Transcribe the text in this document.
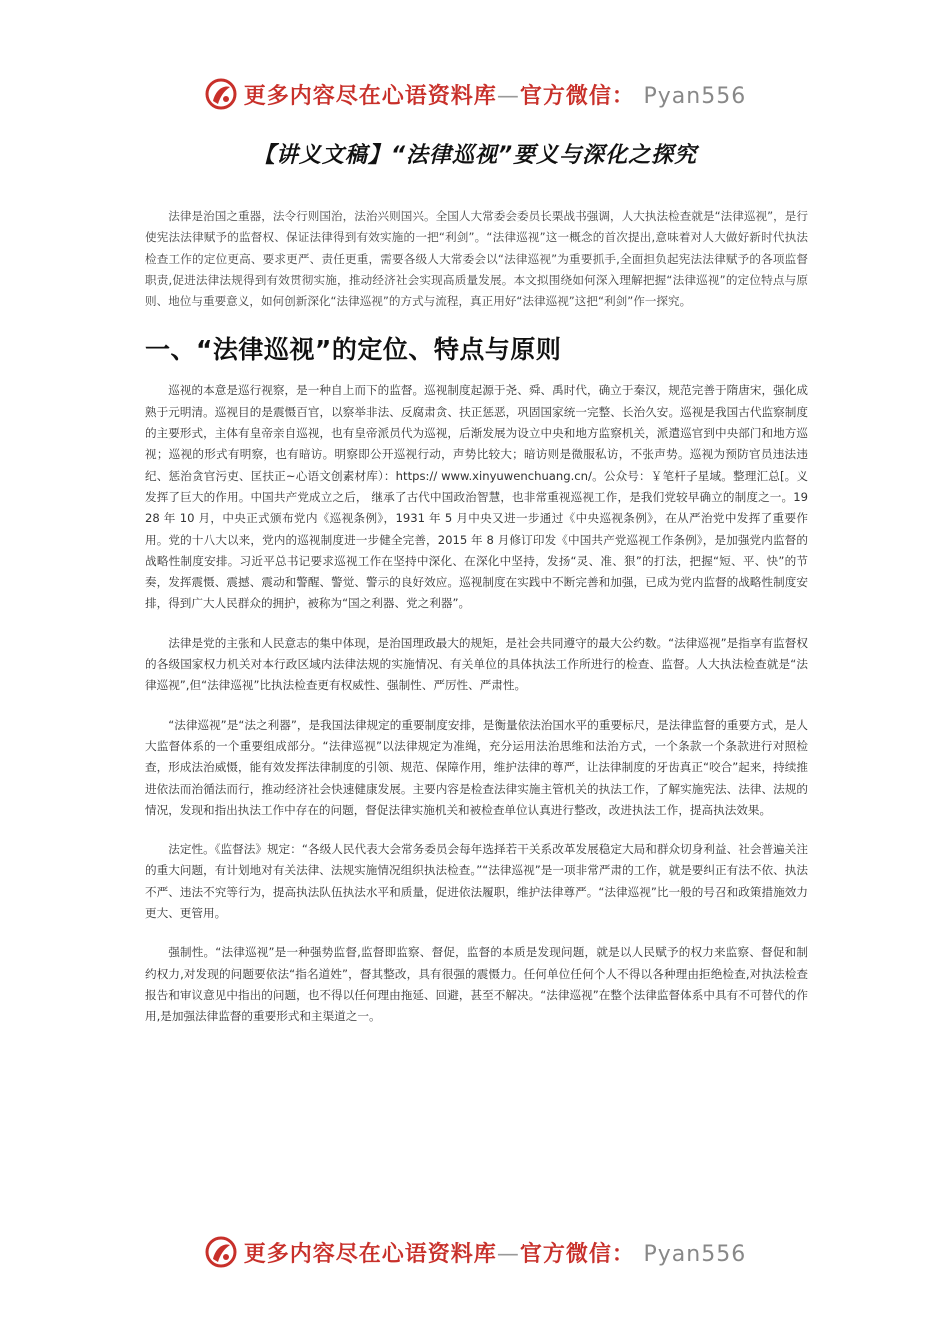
更多内容尽在心语资料库—官方微信： Pyan556
【讲义文稿】“法律巡视”要义与深化之探究

法律是治国之重器，法令行则国治，法治兴则国兴。全国人大常委会委员长栗战书强调，人大执法检查就是“法律巡视”，是行使宪法法律赋予的监督权、保证法律得到有效实施的一把“利剑”。“法律巡视”这一概念的首次提出,意味着对人大做好新时代执法检查工作的定位更高、要求更严、责任更重，需要各级人大常委会以“法律巡视”为重要抓手,全面担负起宪法法律赋予的各项监督职责,促进法律法规得到有效贯彻实施，推动经济社会实现高质量发展。本文拟围绕如何深入理解把握“法律巡视”的定位特点与原则、地位与重要意义，如何创新深化“法律巡视”的方式与流程，真正用好“法律巡视”这把“利剑”作一探究。

一、“法律巡视”的定位、特点与原则

巡视的本意是巡行视察，是一种自上而下的监督。巡视制度起源于尧、舜、禹时代，确立于秦汉，规范完善于隋唐宋，强化成熟于元明清。巡视目的是震慑百官，以察举非法、反腐肃贪、扶正惩恶，巩固国家统一完整、长治久安。巡视是我国古代监察制度的主要形式，主体有皇帝亲自巡视，也有皇帝派员代为巡视，后渐发展为设立中央和地方监察机关，派遣巡官到中央部门和地方巡视；巡视的形式有明察，也有暗访。明察即公开巡视行动，声势比较大；暗访则是微服私访，不张声势。巡视为预防官员违法违纪、惩治贪官污吏、匡扶正~心语文创素材库）：https:// www.xinyuwenchuang.cn/。公众号：￥笔杆子星域。整理汇总[。义发挥了巨大的作用。中国共产党成立之后， 继承了古代中国政治智慧，也非常重视巡视工作，是我们党较早确立的制度之一。1928 年 10 月，中央正式颁布党内《巡视条例》，1931 年 5 月中央又进一步通过《中央巡视条例》，在从严治党中发挥了重要作用。党的十八大以来，党内的巡视制度进一步健全完善，2015 年 8 月修订印发《中国共产党巡视工作条例》，是加强党内监督的战略性制度安排。习近平总书记要求巡视工作在坚持中深化、在深化中坚持，发扬“灵、准、狠”的打法，把握“短、平、快”的节奏，发挥震慑、震撼、震动和警醒、警觉、警示的良好效应。巡视制度在实践中不断完善和加强，已成为党内监督的战略性制度安排，得到广大人民群众的拥护，被称为“国之利器、党之利器”。

法律是党的主张和人民意志的集中体现，是治国理政最大的规矩，是社会共同遵守的最大公约数。“法律巡视”是指享有监督权的各级国家权力机关对本行政区域内法律法规的实施情况、有关单位的具体执法工作所进行的检查、监督。人大执法检查就是“法律巡视”,但“法律巡视”比执法检查更有权威性、强制性、严厉性、严肃性。

“法律巡视”是“法之利器”，是我国法律规定的重要制度安排，是衡量依法治国水平的重要标尺，是法律监督的重要方式，是人大监督体系的一个重要组成部分。“法律巡视”以法律规定为准绳，充分运用法治思维和法治方式，一个条款一个条款进行对照检查，形成法治威慑，能有效发挥法律制度的引领、规范、保障作用，维护法律的尊严，让法律制度的牙齿真正“咬合”起来，持续推进依法而治循法而行，推动经济社会快速健康发展。主要内容是检查法律实施主管机关的执法工作，了解实施宪法、法律、法规的情况，发现和指出执法工作中存在的问题，督促法律实施机关和被检查单位认真进行整改，改进执法工作，提高执法效果。

法定性。《监督法》规定：“各级人民代表大会常务委员会每年选择若干关系改革发展稳定大局和群众切身利益、社会普遍关注的重大问题，有计划地对有关法律、法规实施情况组织执法检查。”“法律巡视”是一项非常严肃的工作，就是要纠正有法不依、执法不严、违法不究等行为，提高执法队伍执法水平和质量，促进依法履职，维护法律尊严。“法律巡视”比一般的号召和政策措施效力更大、更管用。

强制性。“法律巡视”是一种强势监督,监督即监察、督促，监督的本质是发现问题，就是以人民赋予的权力来监察、督促和制约权力,对发现的问题要依法“指名道姓”，督其整改，具有很强的震慑力。任何单位任何个人不得以各种理由拒绝检查,对执法检查报告和审议意见中指出的问题，也不得以任何理由拖延、回避，甚至不解决。“法律巡视”在整个法律监督体系中具有不可替代的作用,是加强法律监督的重要形式和主渠道之一。

更多内容尽在心语资料库—官方微信： Pyan556
